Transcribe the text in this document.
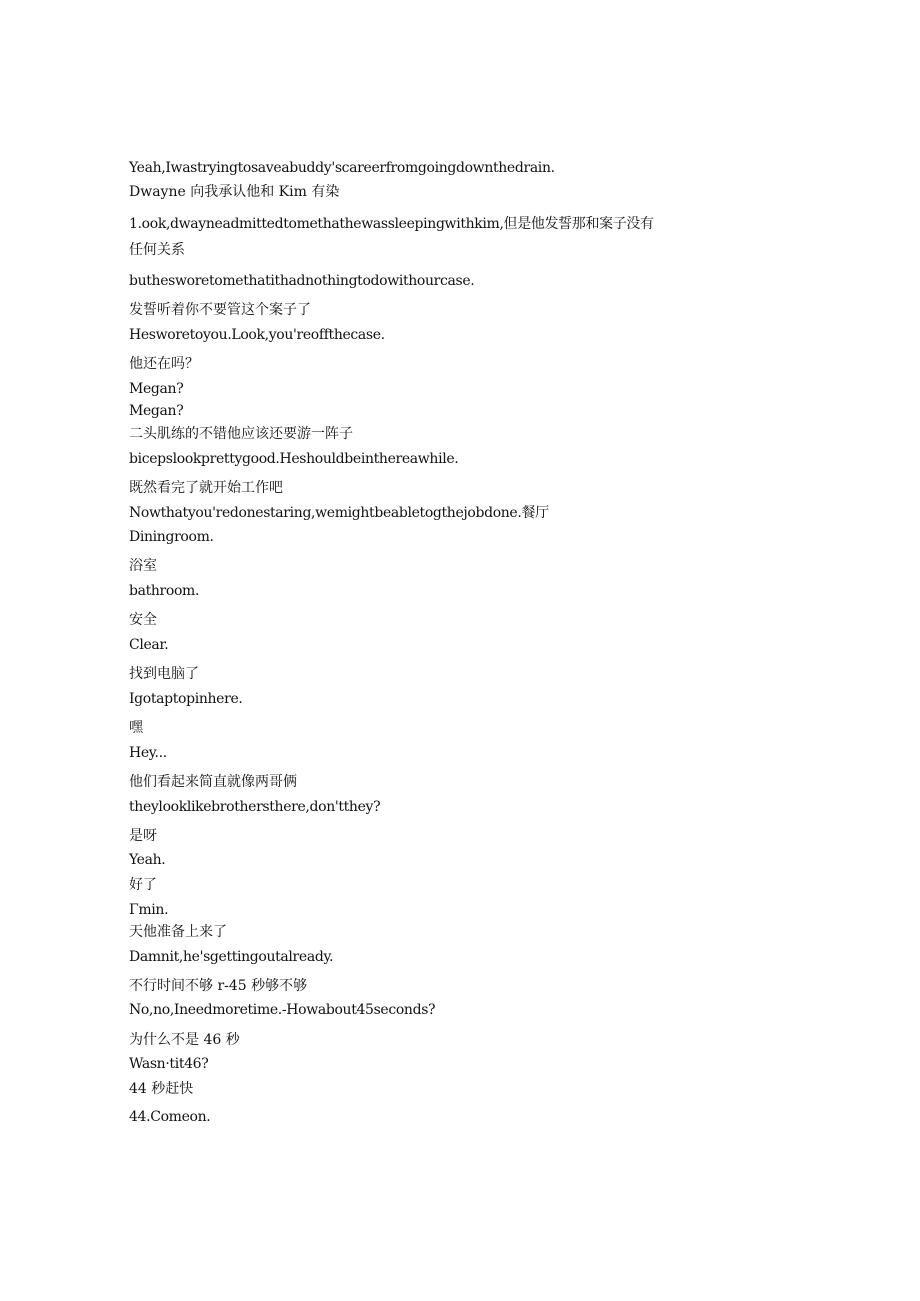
Yeah,Iwastryingtosaveabuddy'scareerfromgoingdownthedrain.

Dwayne 向我承认他和 Kim 有染

1.ook,dwayneadmittedtomethathewassleepingwithkim,但是他发誓那和案子没有

任何关系

buthesworetomethatithadnothingtodowithourcase.

发誓听着你不要管这个案子了

Hesworetoyou.Look,you'reoffthecase.

他还在吗？

Megan?

Megan?

二头肌练的不错他应该还要游一阵子

bicepslookprettygood.Heshouldbeinthereawhile.

既然看完了就开始工作吧

Nowthatyou'redonestaring,wemightbeabletogthejobdone.餐厅

Diningroom.

浴室

bathroom.

安全

Clear.

找到电脑了

Igotaptopinhere.

嘿

Hey...

他们看起来简直就像两哥俩

theylooklikebrothersthere,don'tthey?

是呀

Yeah.

好了

Γmin.

天他准备上来了

Damnit,he'sgettingoutalready.

不行时间不够 r-45 秒够不够

No,no,Ineedmoretime.-Howabout45seconds?

为什么不是 46 秒

Wasn·tit46?

44 秒赶快

44.Comeon.
